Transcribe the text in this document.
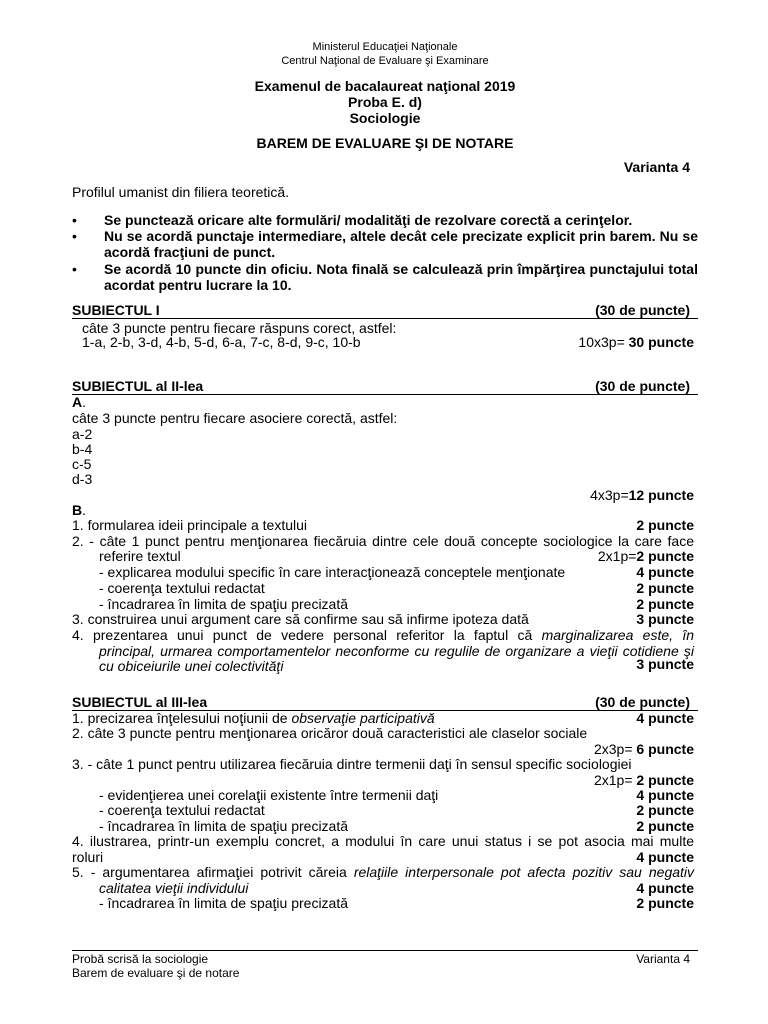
Ministerul Educaţiei Naţionale
Centrul Naţional de Evaluare şi Examinare
Examenul de bacalaureat naţional 2019
Proba E. d)
Sociologie
BAREM DE EVALUARE ŞI DE NOTARE
Varianta 4
Profilul umanist din filiera teoretică.
• Se punctează oricare alte formulări/ modalităţi de rezolvare corectă a cerinţelor.
• Nu se acordă punctaje intermediare, altele decât cele precizate explicit prin barem. Nu se
acordă fracţiuni de punct.
• Se acordă 10 puncte din oficiu. Nota finală se calculează prin împărţirea punctajului total
acordat pentru lucrare la 10.
SUBIECTUL I	(30 de puncte)
câte 3 puncte pentru fiecare răspuns corect, astfel:
1-a, 2-b, 3-d, 4-b, 5-d, 6-a, 7-c, 8-d, 9-c, 10-b	10x3p= 30 puncte
SUBIECTUL al II-lea	(30 de puncte)
A.
câte 3 puncte pentru fiecare asociere corectă, astfel:
a-2
b-4
c-5
d-3
4x3p=12 puncte
B.
1. formularea ideii principale a textului	2 puncte
2. - câte 1 punct pentru menţionarea fiecăruia dintre cele două concepte sociologice la care face
referire textul	2x1p=2 puncte
- explicarea modului specific în care interacţionează conceptele menţionate	4 puncte
- coerenţa textului redactat	2 puncte
- încadrarea în limita de spaţiu precizată	2 puncte
3. construirea unui argument care să confirme sau să infirme ipoteza dată	3 puncte
4. prezentarea unui punct de vedere personal referitor la faptul că marginalizarea este, în
principal, urmarea comportamentelor neconforme cu regulile de organizare a vieţii cotidiene şi
cu obiceiurile unei colectivităţi	3 puncte
SUBIECTUL al III-lea	(30 de puncte)
1. precizarea înţelesului noţiunii de observaţie participativă	4 puncte
2. câte 3 puncte pentru menţionarea oricăror două caracteristici ale claselor sociale
2x3p= 6 puncte
3. - câte 1 punct pentru utilizarea fiecăruia dintre termenii daţi în sensul specific sociologiei
2x1p= 2 puncte
- evidenţierea unei corelaţii existente între termenii daţi	4 puncte
- coerenţa textului redactat	2 puncte
- încadrarea în limita de spaţiu precizată	2 puncte
4. ilustrarea, printr-un exemplu concret, a modului în care unui status i se pot asocia mai multe
roluri	4 puncte
5. - argumentarea afirmaţiei potrivit căreia relaţiile interpersonale pot afecta pozitiv sau negativ
calitatea vieţii individului	4 puncte
- încadrarea în limita de spaţiu precizată	2 puncte
Probă scrisă la sociologie
Barem de evaluare şi de notare
Varianta 4
